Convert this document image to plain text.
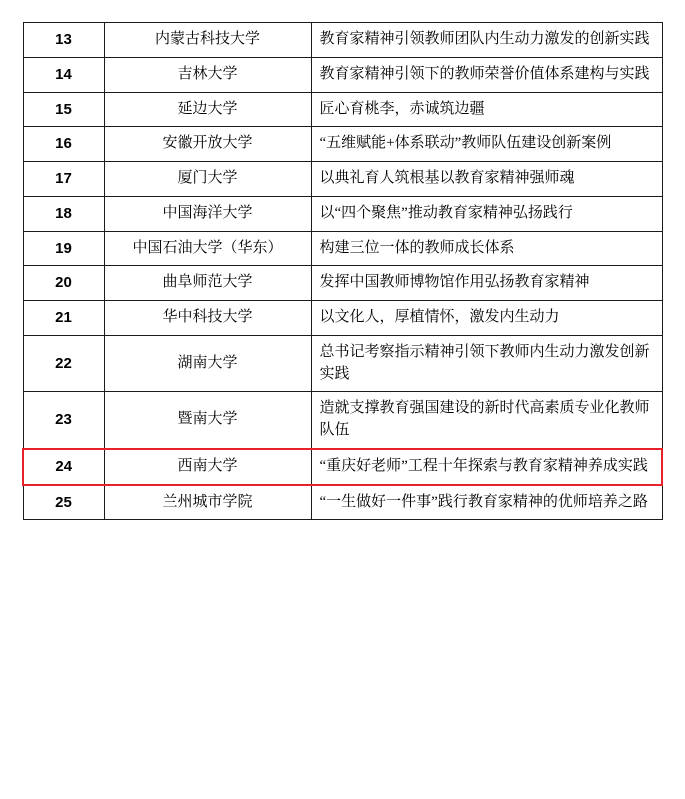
13	内蒙古科技大学	教育家精神引领教师团队内生动力激发的创新实践
14	吉林大学	教育家精神引领下的教师荣誉价值体系建构与实践
15	延边大学	匠心育桃李，赤诚筑边疆
16	安徽开放大学	“五维赋能+体系联动”教师队伍建设创新案例
17	厦门大学	以典礼育人筑根基以教育家精神强师魂
18	中国海洋大学	以“四个聚焦”推动教育家精神弘扬践行
19	中国石油大学（华东）	构建三位一体的教师成长体系
20	曲阜师范大学	发挥中国教师博物馆作用弘扬教育家精神
21	华中科技大学	以文化人，厚植情怀，激发内生动力
22	湖南大学	总书记考察指示精神引领下教师内生动力激发创新实践
23	暨南大学	造就支撑教育强国建设的新时代高素质专业化教师队伍
24	西南大学	“重庆好老师”工程十年探索与教育家精神养成实践
25	兰州城市学院	“一生做好一件事”践行教育家精神的优师培养之路
